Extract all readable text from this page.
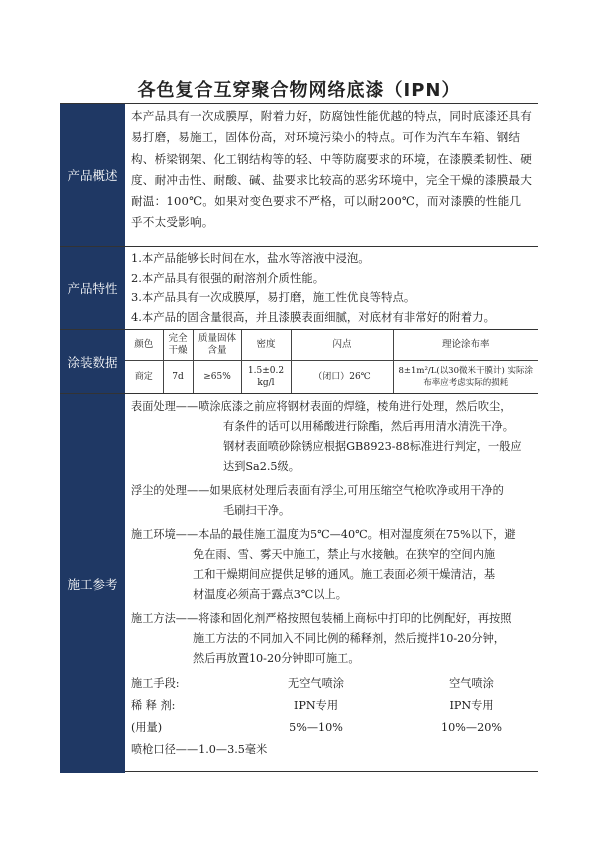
各色复合互穿聚合物网络底漆（IPN）
产品概述

本产品具有一次成膜厚，附着力好，防腐蚀性能优越的特点，同时底漆还具有易打磨，易施工，固体份高，对环境污染小的特点。可作为汽车车箱、钢结构、桥梁钢架、化工钢结构等的轻、中等防腐要求的环境，在漆膜柔韧性、硬度、耐冲击性、耐酸、碱、盐要求比较高的恶劣环境中，完全干燥的漆膜最大耐温：100℃。如果对变色要求不严格，可以耐200℃，而对漆膜的性能几乎不太受影响。

产品特性
1.本产品能够长时间在水，盐水等溶液中浸泡。
2.本产品具有很强的耐溶剂介质性能。
3.本产品具有一次成膜厚，易打磨，施工性优良等特点。
4.本产品的固含量很高，并且漆膜表面细腻，对底材有非常好的附着力。
涂装数据
颜色	完全干燥	质量固体含量	密度	闪点	理论涂布率
商定	7d	≥65%	1.5±0.2 kg/l	（闭口）26℃	8±1m²/L(以30微米干膜计) 实际涂布率应考虑实际的损耗
施工参考
表面处理——喷涂底漆之前应将钢材表面的焊缝，棱角进行处理，然后吹尘，
有条件的话可以用稀酸进行除酯，然后再用清水清洗干净。
钢材表面喷砂除锈应根据GB8923-88标准进行判定，一般应
达到Sa2.5级。
浮尘的处理——如果底材处理后表面有浮尘,可用压缩空气枪吹净或用干净的
毛刷扫干净。
施工环境——本品的最佳施工温度为5℃—40℃。相对湿度须在75%以下，避
免在雨、雪、雾天中施工，禁止与水接触。在狭窄的空间内施
工和干燥期间应提供足够的通风。施工表面必须干燥清洁，基
材温度必须高于露点3℃以上。
施工方法——将漆和固化剂严格按照包装桶上商标中打印的比例配好，再按照
施工方法的不同加入不同比例的稀释剂，然后搅拌10-20分钟，
然后再放置10-20分钟即可施工。
施工手段:	无空气喷涂	空气喷涂
稀 释 剂:	IPN专用	IPN专用
(用量)	5%—10%	10%—20%
喷枪口径——1.0—3.5毫米
